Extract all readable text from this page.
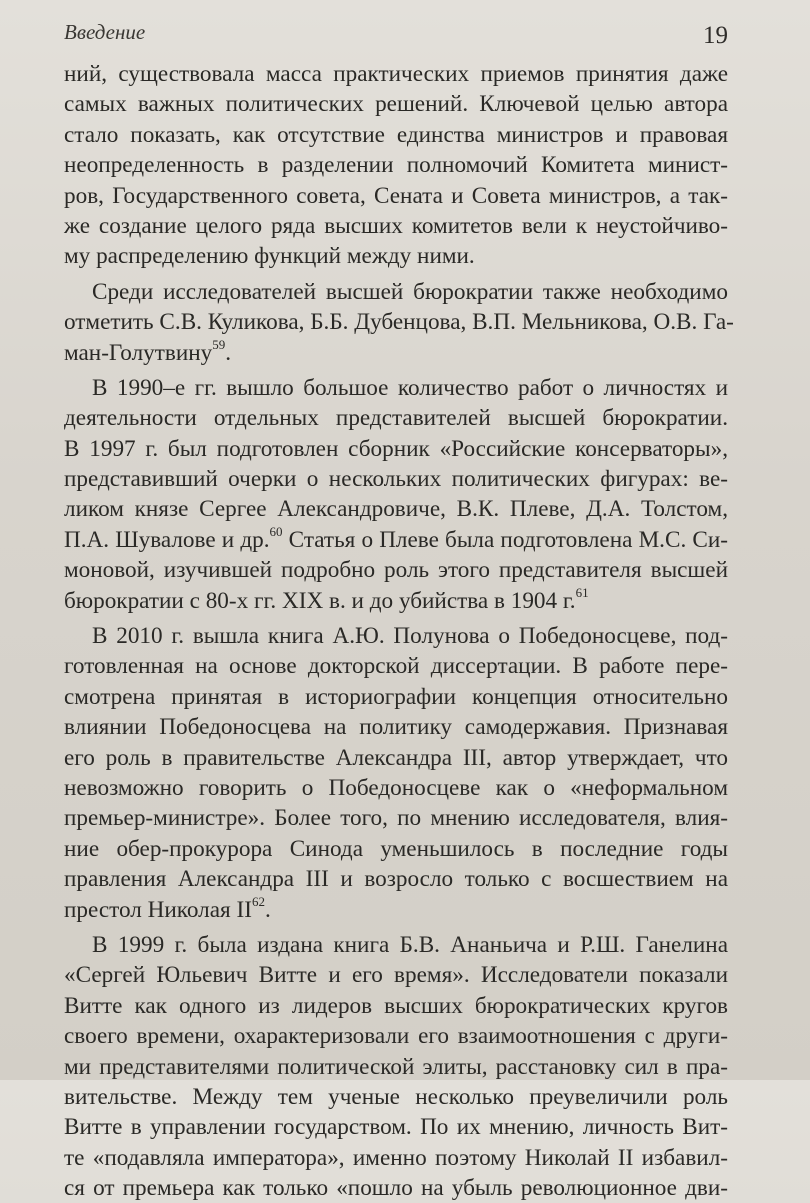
Введение	19
ний, существовала масса практических приемов принятия даже
самых важных политических решений. Ключевой целью автора
стало показать, как отсутствие единства министров и правовая
неопределенность в разделении полномочий Комитета минист-
ров, Государственного совета, Сената и Совета министров, а так-
же создание целого ряда высших комитетов вели к неустойчиво-
му распределению функций между ними.
Среди исследователей высшей бюрократии также необходимо
отметить С.В. Куликова, Б.Б. Дубенцова, В.П. Мельникова, О.В. Га-
ман-Голутвину$^{59}$.
В 1990–е гг. вышло большое количество работ о личностях и
деятельности отдельных представителей высшей бюрократии.
В 1997 г. был подготовлен сборник «Российские консерваторы»,
представивший очерки о нескольких политических фигурах: ве-
ликом князе Сергее Александровиче, В.К. Плеве, Д.А. Толстом,
П.А. Шувалове и др.$^{60}$ Статья о Плеве была подготовлена М.С. Си-
моновой, изучившей подробно роль этого представителя высшей
бюрократии с 80-х гг. XIX в. и до убийства в 1904 г.$^{61}$
В 2010 г. вышла книга А.Ю. Полунова о Победоносцеве, под-
готовленная на основе докторской диссертации. В работе пере-
смотрена принятая в историографии концепция относительно
влиянии Победоносцева на политику самодержавия. Признавая
его роль в правительстве Александра III, автор утверждает, что
невозможно говорить о Победоносцеве как о «неформальном
премьер-министре». Более того, по мнению исследователя, влия-
ние обер-прокурора Синода уменьшилось в последние годы
правления Александра III и возросло только с восшествием на
престол Николая II$^{62}$.
В 1999 г. была издана книга Б.В. Ананьича и Р.Ш. Ганелина
«Сергей Юльевич Витте и его время». Исследователи показали
Витте как одного из лидеров высших бюрократических кругов
своего времени, охарактеризовали его взаимоотношения с други-
ми представителями политической элиты, расстановку сил в пра-
вительстве. Между тем ученые несколько преувеличили роль
Витте в управлении государством. По их мнению, личность Вит-
те «подавляла императора», именно поэтому Николай II избавил-
ся от премьера как только «пошло на убыль революционное дви-
